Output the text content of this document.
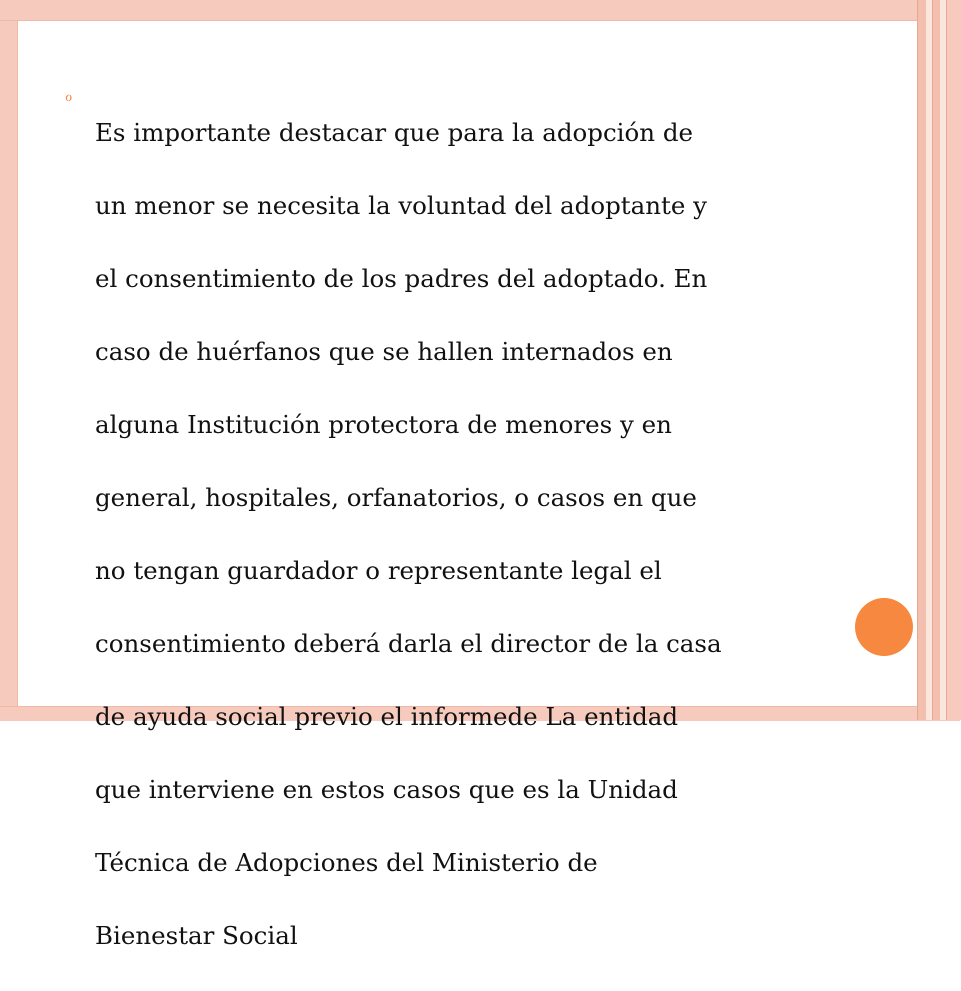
ℴ

Es importante destacar que para la adopción de

un menor se necesita la voluntad del adoptante y

el consentimiento de los padres del adoptado. En

caso de huérfanos que se hallen internados en

alguna Institución protectora de menores y en

general, hospitales, orfanatorios, o casos en que

no tengan guardador o representante legal el

consentimiento deberá darla el director de la casa

de ayuda social previo el informede La entidad

que interviene en estos casos que es la Unidad

Técnica de Adopciones del Ministerio de

Bienestar Social
